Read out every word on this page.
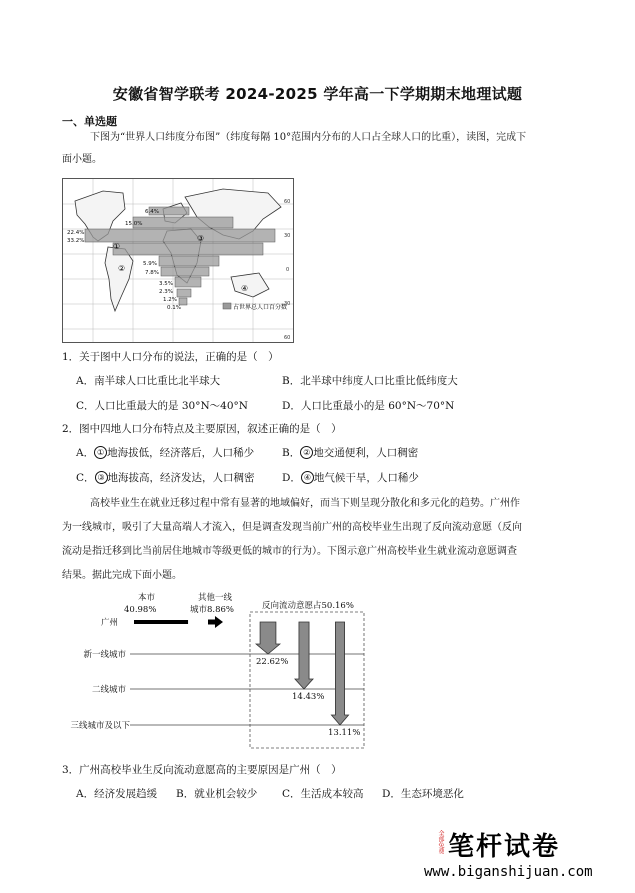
安徽省智学联考 2024-2025 学年高一下学期期末地理试题
一、单选题
下图为“世界人口纬度分布图”（纬度每隔 10°范围内分布的人口占全球人口的比重），读图，完成下
面小题。
6.4%
15.0%
22.4%
33.2%
5.9%
7.8%
3.5%
2.3%
1.2%
0.1%
60
30
0
30
60
①
②
③
④
占世界总人口百分数
1．关于图中人口分布的说法，正确的是（　）
A．南半球人口比重比北半球大	B．北半球中纬度人口比重比低纬度大
C．人口比重最大的是 30°N～40°N	D．人口比重最小的是 60°N～70°N
2．图中四地人口分布特点及主要原因，叙述正确的是（　）
A． ① 地海拔低，经济落后，人口稀少	B． ② 地交通便利，人口稠密
C． ③ 地海拔高，经济发达，人口稠密	D． ④ 地气候干旱，人口稀少
高校毕业生在就业迁移过程中常有显著的地域偏好，而当下则呈现分散化和多元化的趋势。广州作
为一线城市，吸引了大量高端人才流入，但是调查发现当前广州的高校毕业生出现了反向流动意愿（反向
流动是指迁移到比当前居住地城市等级更低的城市的行为）。下图示意广州高校毕业生就业流动意愿调查
结果。据此完成下面小题。
本市
40.98%
其他一线
城市8.86%	反向流动意愿占50.16%
广州
新一线城市
二线城市
三线城市及以下
22.62%
14.43%
13.11%
3．广州高校毕业生反向流动意愿高的主要原因是广州（　）
A．经济发展趋缓 B．就业机会较少 C．生活成本较高 D．生态环境恶化
全部免费 笔杆试卷
www.biganshijuan.com
